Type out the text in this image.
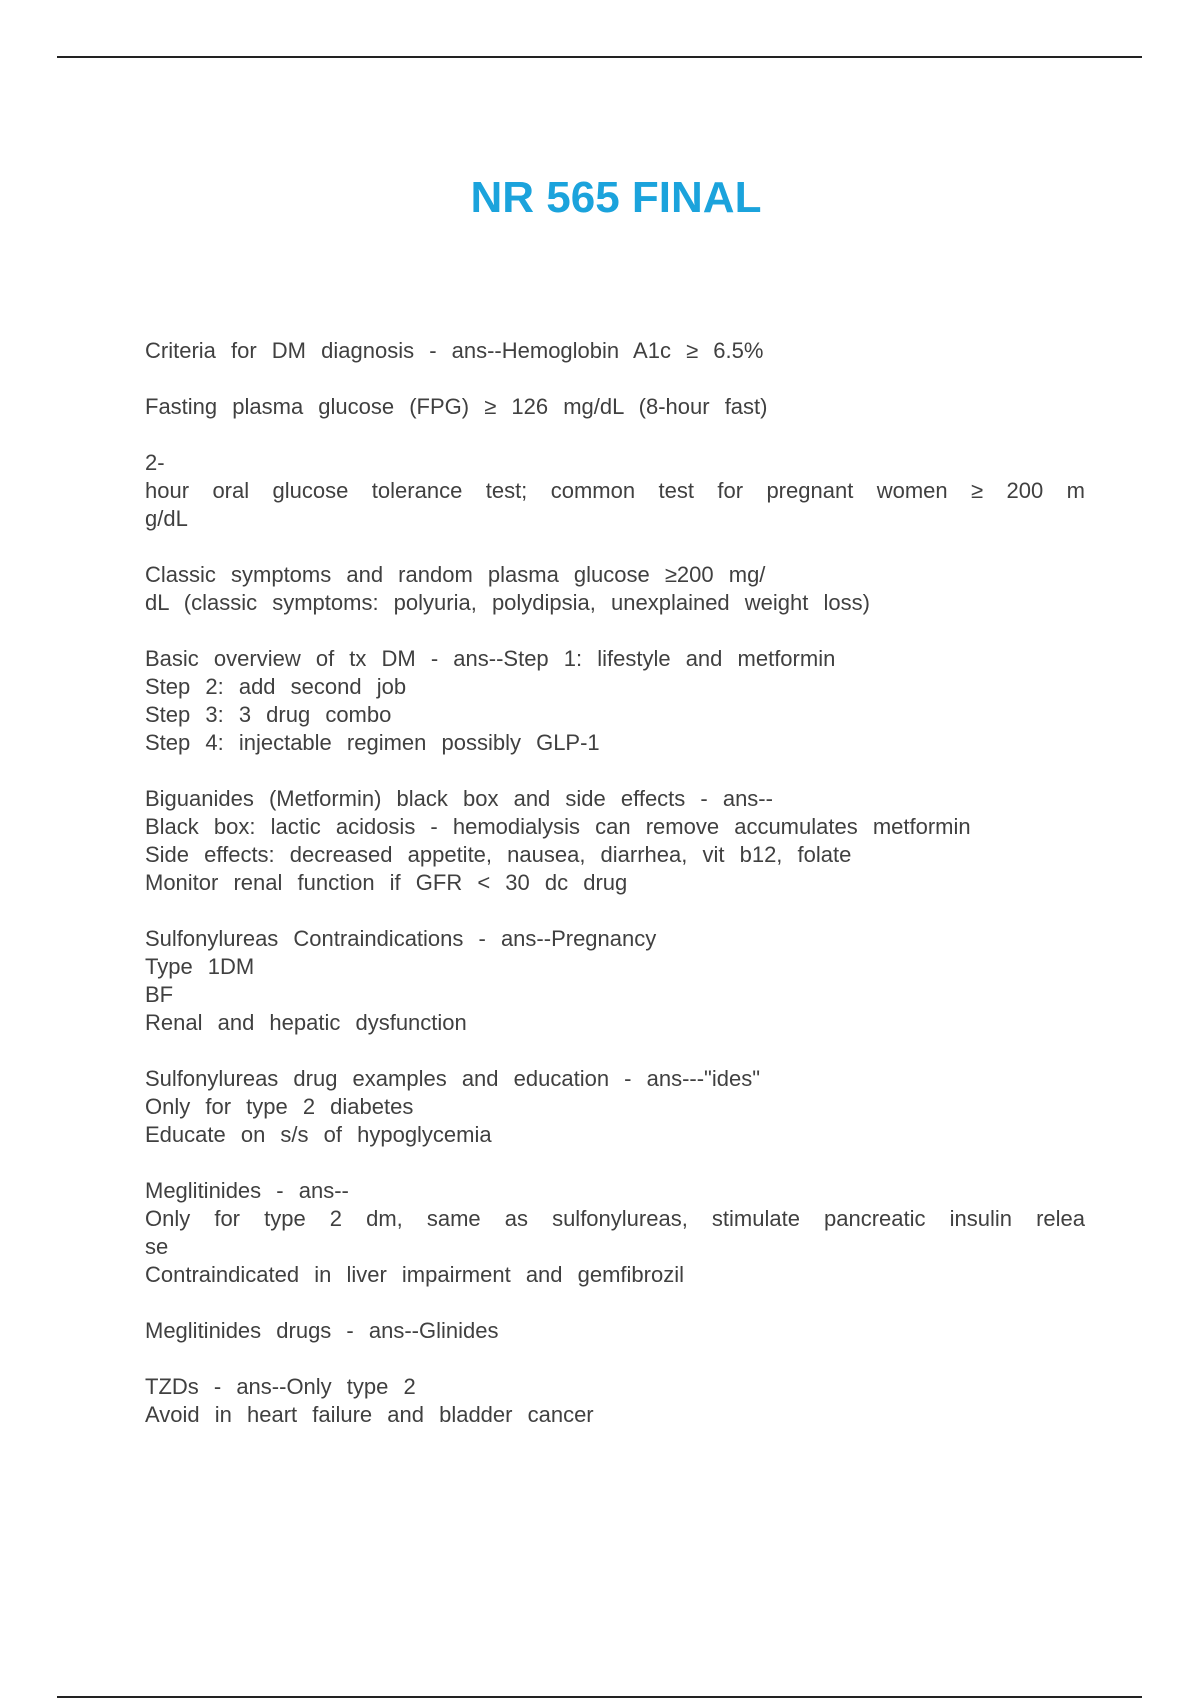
NR 565 FINAL
Criteria for DM diagnosis - ans--Hemoglobin A1c ≥ 6.5%
Fasting plasma glucose (FPG) ≥ 126 mg/dL (8-hour fast)
2-
hour oral glucose tolerance test; common test for pregnant women ≥ 200 m
g/dL
Classic symptoms and random plasma glucose ≥200 mg/
dL (classic symptoms: polyuria, polydipsia, unexplained weight loss)
Basic overview of tx DM - ans--Step 1: lifestyle and metformin
Step 2: add second job
Step 3: 3 drug combo
Step 4: injectable regimen possibly GLP-1
Biguanides (Metformin) black box and side effects - ans--
Black box: lactic acidosis - hemodialysis can remove accumulates metformin
Side effects: decreased appetite, nausea, diarrhea, vit b12, folate
Monitor renal function if GFR < 30 dc drug
Sulfonylureas Contraindications - ans--Pregnancy
Type 1DM
BF
Renal and hepatic dysfunction
Sulfonylureas drug examples and education - ans---"ides"
Only for type 2 diabetes
Educate on s/s of hypoglycemia
Meglitinides - ans--
Only for type 2 dm, same as sulfonylureas, stimulate pancreatic insulin relea
se
Contraindicated in liver impairment and gemfibrozil
Meglitinides drugs - ans--Glinides
TZDs - ans--Only type 2
Avoid in heart failure and bladder cancer
